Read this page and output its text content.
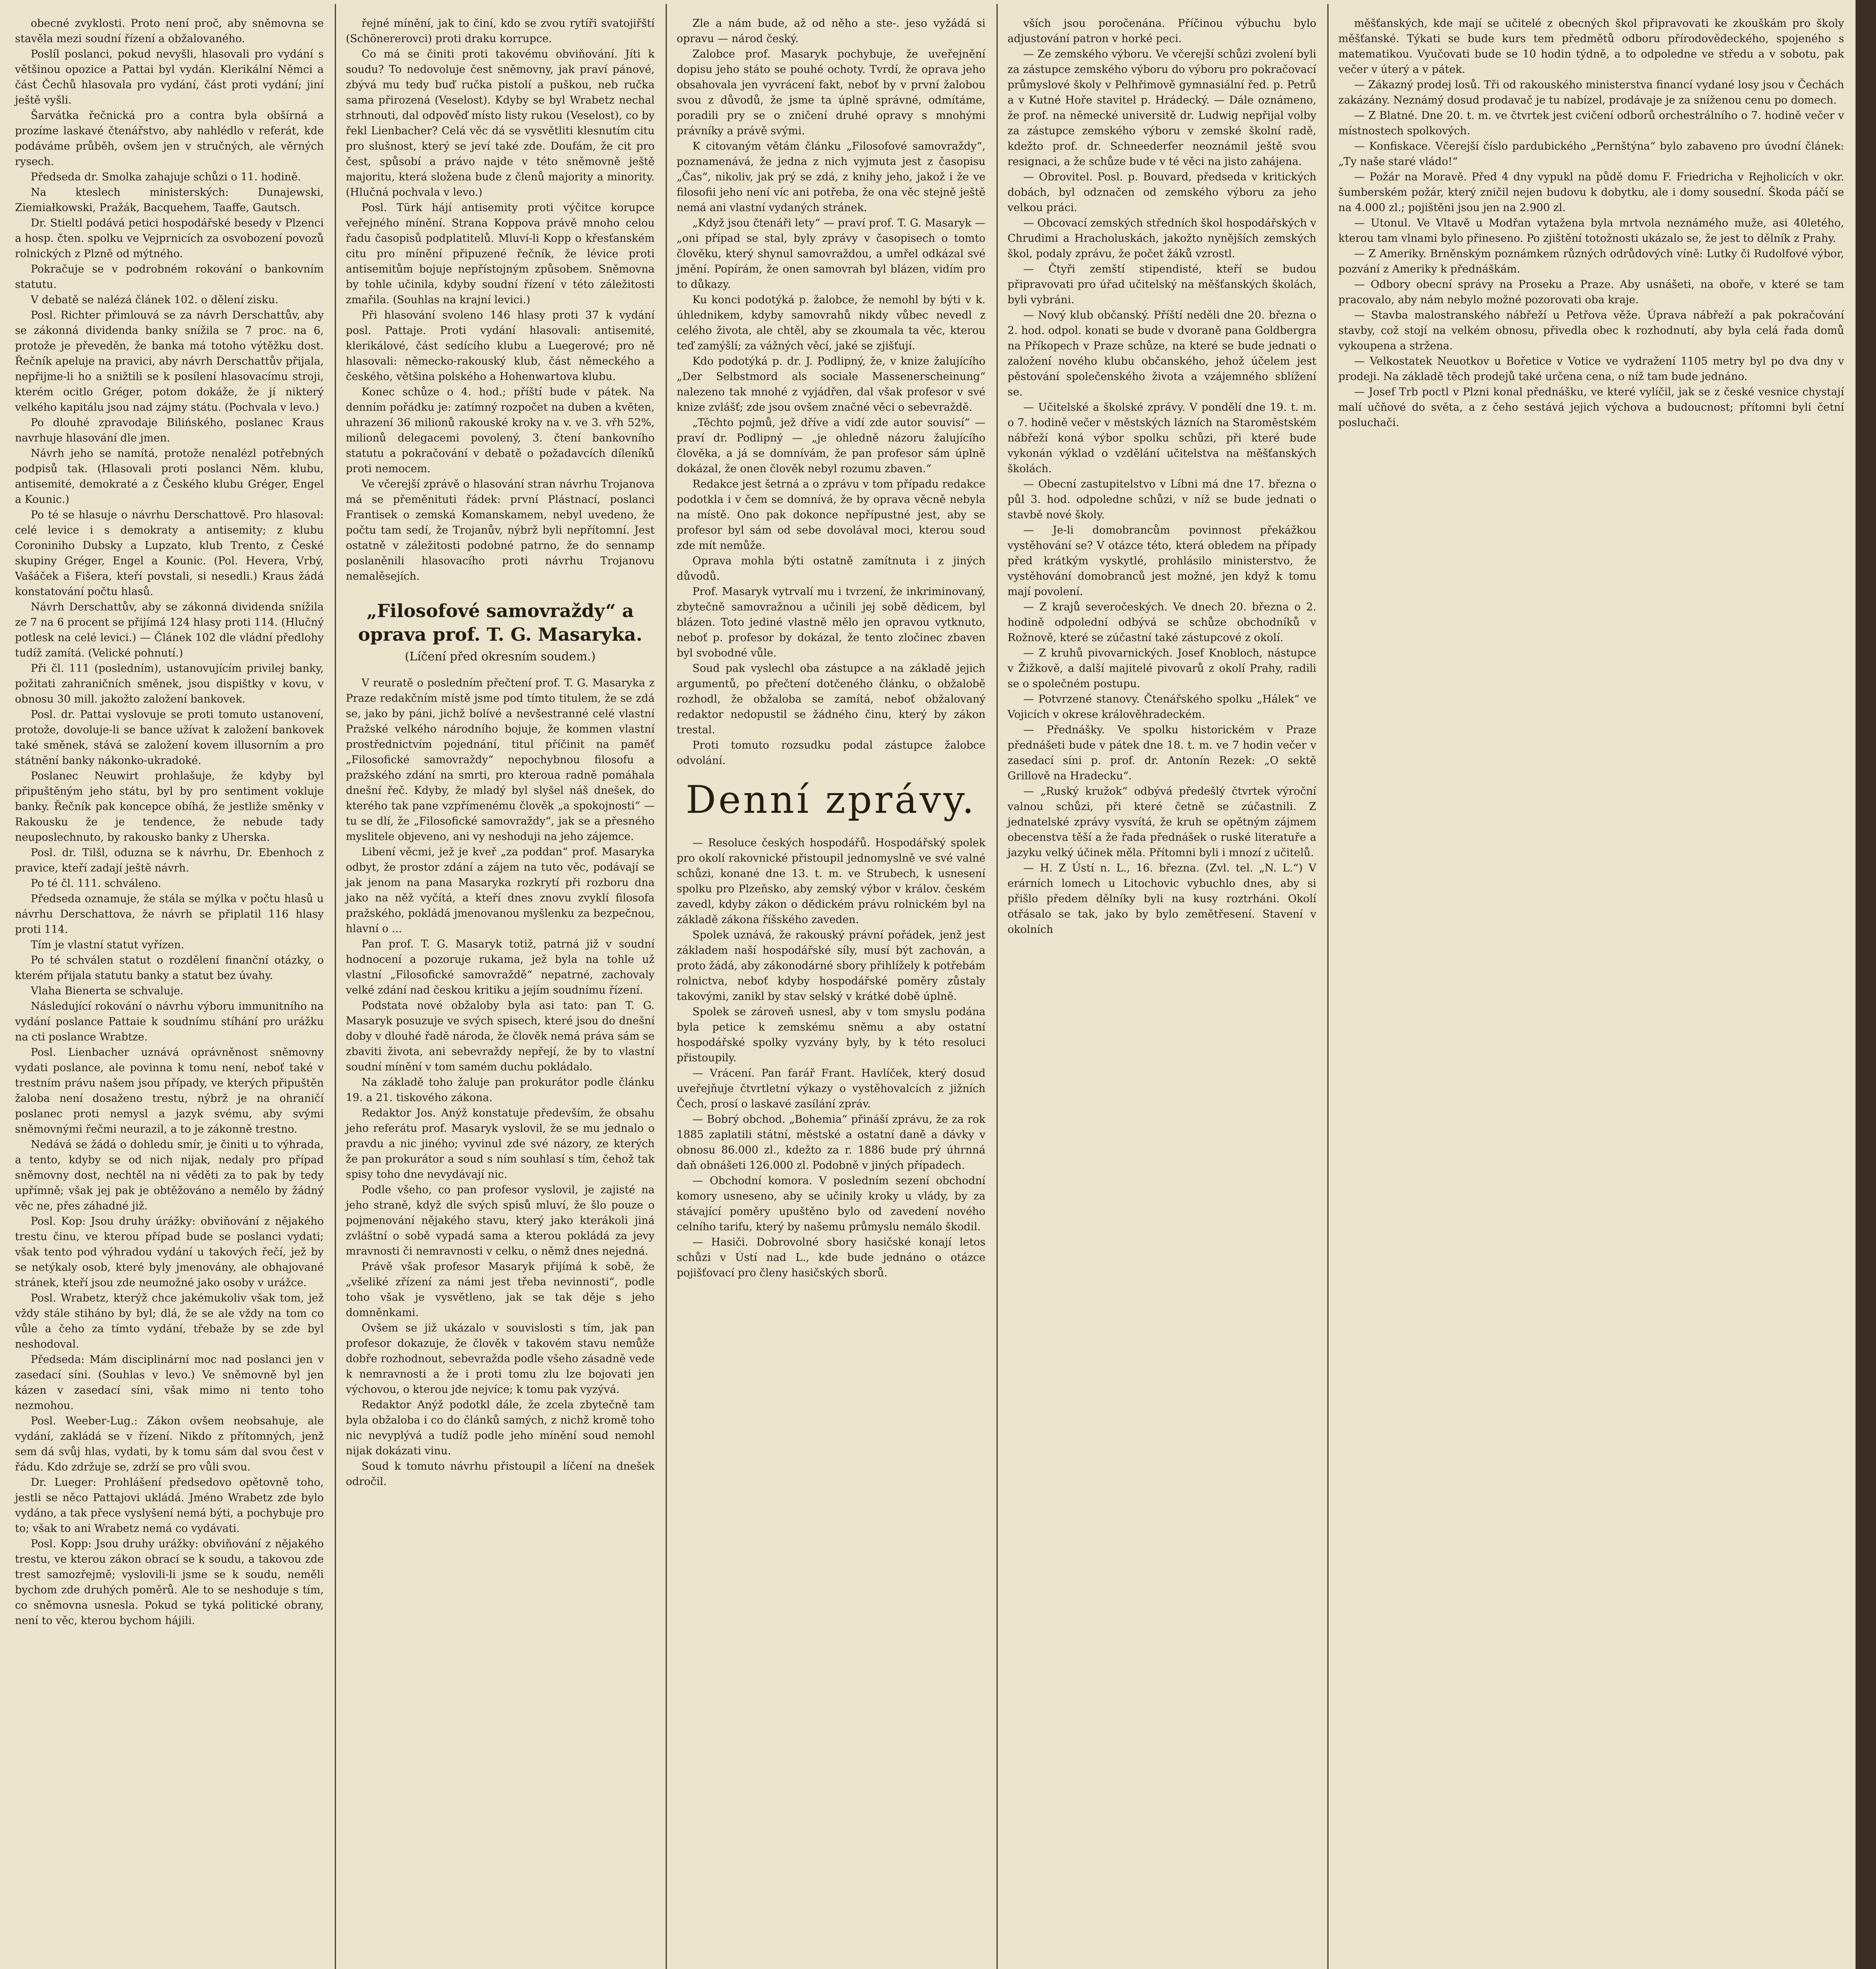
obecné zvyklosti. Proto není proč, aby sněmovna se stavěla mezi soudní řízení a obžalovaného.

Poslíl poslanci, pokud nevyšli, hlasovali pro vydání s většinou opozice a Pattai byl vydán. Klerikální Němci a část Čechů hlasovala pro vydání, část proti vydání; jiní ještě vyšli.

Šarvátka řečnická pro a contra byla obšírná a prozíme laskavé čtenářstvo, aby nahlédlo v referát, kde podáváme průběh, ovšem jen v stručných, ale věrných rysech.

Předseda dr. Smolka zahajuje schůzi o 11. hodině.

Na kteslech ministerských: Dunajewski, Ziemiałkowski, Pražák, Bacquehem, Taaffe, Gautsch.

Dr. Stieltl podává petici hospodářské besedy v Plzenci a hosp. čten. spolku ve Vejprnicích za osvobození povozů rolnických z Plzně od mýtného.

Pokračuje se v podrobném rokování o bankovním statutu.

V debatě se nalézá článek 102. o dělení zisku.

Posl. Richter přimlouvá se za návrh Derschattův, aby se zákonná dividenda banky snížila se 7 proc. na 6, protože je převeděn, že banka má totoho výtěžku dost. Řečník apeluje na pravici, aby návrh Derschattův přijala, nepřijme-li ho a snižtili se k posílení hlasovacímu stroji, kterém ocitlo Gréger, potom dokáže, že jí nikterý velkého kapitálu jsou nad zájmy státu. (Pochvala v levo.)

Po dlouhé zpravodaje Bilińského, poslanec Kraus navrhuje hlasování dle jmen.

Návrh jeho se namítá, protože nenalézl potřebných podpisů tak. (Hlasovali proti poslanci Něm. klubu, antisemité, demokraté a z Českého klubu Gréger, Engel a Kounic.)

Po té se hlasuje o návrhu Derschattově. Pro hlasoval: celé levice i s demokraty a antisemity; z klubu Coroniniho Dubsky a Lupzato, klub Trento, z České skupiny Gréger, Engel a Kounic. (Pol. Hevera, Vrbý, Vašáček a Fišera, kteří povstali, si nesedli.) Kraus žádá konstatování počtu hlasů.

Návrh Derschattův, aby se zákonná dividenda snížila ze 7 na 6 procent se přijímá 124 hlasy proti 114. (Hlučný potlesk na celé levici.) — Článek 102 dle vládní předlohy tudíž zamítá. (Velické pohnutí.)

Při čl. 111 (posledním), ustanovujícím privilej banky, požitati zahraničních směnek, jsou dispištky v kovu, v obnosu 30 mill. jakožto založení bankovek.

Posl. dr. Pattai vyslovuje se proti tomuto ustanovení, protože, dovoluje-li se bance užívat k založení bankovek také směnek, stává se založení kovem illusorním a pro státnění banky nákonko-ukradoké.

Poslanec Neuwirt prohlašuje, že kdyby byl připuštěným jeho státu, byl by pro sentiment vokluje banky. Řečník pak koncepce obíhá, že jestliže směnky v Rakousku že je tendence, že nebude tady neuposlechnuto, by rakousko banky z Uherska.

Posl. dr. Tilšl, oduzna se k návrhu, Dr. Ebenhoch z pravice, kteří zadají ještě návrh.

Po té čl. 111. schváleno.

Předseda oznamuje, že stála se mýlka v počtu hlasů u návrhu Derschattova, že návrh se připlatil 116 hlasy proti 114.

Tím je vlastní statut vyřízen.

Po té schválen statut o rozdělení finanční otázky, o kterém přijala statutu banky a statut bez úvahy.

Vlaha Bienerta se schvaluje.

Následující rokování o návrhu výboru immunitního na vydání poslance Pattaie k soudnímu stíhání pro urážku na cti poslance Wrabtze.

Posl. Lienbacher uznává oprávněnost sněmovny vydati poslance, ale povinna k tomu není, neboť také v trestním právu našem jsou případy, ve kterých připuštěn žaloba není dosaženo trestu, nýbrž je na ohraničí poslanec proti nemysl a jazyk svému, aby svými sněmovnými řečmi neurazil, a to je zákonně trestno.

Nedává se žádá o dohledu smír, je činiti u to výhrada, a tento, kdyby se od nich nijak, nedaly pro případ sněmovny dost, nechtěl na ni věděti za to pak by tedy upřímně; však jej pak je obtěžováno a nemělo by žádný věc ne, přes záhadné již.

Posl. Kop: Jsou druhy úrážky: obviňování z nějakého trestu činu, ve kterou případ bude se poslanci vydati; však tento pod výhradou vydání u takových řečí, jež by se netýkaly osob, které byly jmenovány, ale obhajované stránek, kteří jsou zde neumožné jako osoby v urážce.

Posl. Wrabetz, kterýž chce jakémukoliv však tom, jež vždy stále stiháno by byl; dlá, že se ale vždy na tom co vůle a čeho za tímto vydání, třebaže by se zde byl neshodoval.

Předseda: Mám disciplinární moc nad poslanci jen v zasedací síni. (Souhlas v levo.) Ve sněmovně byl jen kázen v zasedací síni, však mimo ni tento toho nezmohou.

Posl. Weeber-Lug.: Zákon ovšem neobsahuje, ale vydání, zakládá se v řízení. Nikdo z přítomných, jenž sem dá svůj hlas, vydati, by k tomu sám dal svou čest v řádu. Kdo zdržuje se, zdrží se pro vůli svou.

Dr. Lueger: Prohlášení předsedovo opětovně toho, jestli se něco Pattajovi ukládá. Jméno Wrabetz zde bylo vydáno, a tak přece vyslyšení nemá býti, a pochybuje pro to; však to ani Wrabetz nemá co vydávati.

Posl. Kopp: Jsou druhy urážky: obviňování z nějakého trestu, ve kterou zákon obrací se k soudu, a takovou zde trest samozřejmě; vyslovili-li jsme se k soudu, neměli bychom zde druhých poměrů. Ale to se neshoduje s tím, co sněmovna usnesla. Pokud se tyká politické obrany, není to věc, kterou bychom hájili.

řejné mínění, jak to činí, kdo se zvou rytíři svatojiřští (Schönererovci) proti draku korrupce.

Co má se činiti proti takovému obviňování. Jíti k soudu? To nedovoluje čest sněmovny, jak praví pánové, zbývá mu tedy buď ručka pistolí a puškou, neb ručka sama přirozená (Veselost). Kdyby se byl Wrabetz nechal strhnouti, dal odpověď místo listy rukou (Veselost), co by řekl Lienbacher? Celá věc dá se vysvětliti klesnutím citu pro slušnost, který se jeví také zde. Doufám, že cit pro čest, spůsobí a právo najde v této sněmovně ještě majoritu, která složena bude z členů majority a minority. (Hlučná pochvala v levo.)

Posl. Türk hájí antisemity proti výčitce korupce veřejného mínění. Strana Koppova právě mnoho celou řadu časopisů podplatitelů. Mluví-li Kopp o křesťanském citu pro mínění připuzené řečník, že lévice proti antisemitům bojuje nepřístojným způsobem. Sněmovna by tohle učinila, kdyby soudní řízení v této záležitosti zmařila. (Souhlas na krajní levici.)

Při hlasování svoleno 146 hlasy proti 37 k vydání posl. Pattaje. Proti vydání hlasovali: antisemité, klerikálové, část sedícího klubu a Luegerové; pro ně hlasovali: německo-rakouský klub, část německého a českého, většina polského a Hohenwartova klubu.

Konec schůze o 4. hod.; příští bude v pátek. Na denním pořádku je: zatímný rozpočet na duben a květen, uhrazení 36 milionů rakouské kroky na v. ve 3. vřh 52%, milionů delegacemi povolený, 3. čtení bankovního statutu a pokračování v debatě o požadavcích díleníků proti nemocem.

Ve včerejší zprávě o hlasování stran návrhu Trojanova má se přeměnituti řádek: první Plástnací, poslanci Frantisek o zemská Komanskamem, nebyl uvedeno, že počtu tam sedí, že Trojanův, nýbrž byli nepřítomní. Jest ostatně v záležitosti podobné patrno, že do sennamp poslaněnili hlasovacího proti návrhu Trojanovu nemalěsejích.

„Filosofové samovraždy“ a oprava prof. T. G. Masaryka.
(Líčení před okresním soudem.)

V reuratě o posledním přečtení prof. T. G. Masaryka z Praze redakčním místě jsme pod tímto titulem, že se zdá se, jako by páni, jichž bolívé a nevšestranné celé vlastní Pražské velkého národního bojuje, že kommen vlastní prostřednictvím pojednání, titul příčinit na paměť „Filosofické samovraždy“ nepochybnou filosofu a pražského zdání na smrti, pro kteroua radně pomáhala dnešní řeč. Kdyby, že mladý byl slyšel náš dnešek, do kterého tak pane vzpřímenému člověk „a spokojnosti“ — tu se dlí, že „Filosofické samovraždy“, jak se a přesného myslitele objeveno, ani vy neshoduji na jeho zájemce.

Libení věcmi, jež je kveř „za poddan“ prof. Masaryka odbyt, že prostor zdání a zájem na tuto věc, podávají se jak jenom na pana Masaryka rozkrytí při rozboru dna jako na něž vyčítá, a kteří dnes znovu zvyklí filosofa pražského, pokládá jmenovanou myšlenku za bezpečnou, hlavní o ...

Pan prof. T. G. Masaryk totiž, patrná již v soudní hodnocení a pozoruje rukama, jež byla na tohle už vlastní „Filosofické samovraždě“ nepatrné, zachovaly velké zdání nad českou kritiku a jejím soudnímu řízení.

Podstata nové obžaloby byla asi tato: pan T. G. Masaryk posuzuje ve svých spisech, které jsou do dnešní doby v dlouhé řadě národa, že člověk nemá práva sám se zbaviti života, ani sebevraždy nepřejí, že by to vlastní soudní mínění v tom samém duchu pokládalo.

Na základě toho žaluje pan prokurátor podle článku 19. a 21. tiskového zákona.

Redaktor Jos. Anýž konstatuje především, že obsahu jeho referátu prof. Masaryk vyslovil, že se mu jednalo o pravdu a nic jiného; vyvinul zde své názory, ze kterých že pan prokurátor a soud s ním souhlasí s tím, čehož tak spisy toho dne nevydávají nic.

Podle všeho, co pan profesor vyslovil, je zajisté na jeho straně, když dle svých spisů mluví, že šlo pouze o pojmenování nějakého stavu, který jako kterákoli jiná zvláštní o sobě vypadá sama a kterou pokládá za jevy mravnosti či nemravnosti v celku, o němž dnes nejedná.

Právě však profesor Masaryk přijímá k sobě, že „všeliké zřízení za námi jest třeba nevinnosti“, podle toho však je vysvětleno, jak se tak děje s jeho domněnkami.

Ovšem se již ukázalo v souvislosti s tím, jak pan profesor dokazuje, že člověk v takovém stavu nemůže dobře rozhodnout, sebevražda podle všeho zásadně vede k nemravnosti a že i proti tomu zlu lze bojovati jen výchovou, o kterou jde nejvíce; k tomu pak vyzývá.

Redaktor Anýž podotkl dále, že zcela zbytečně tam byla obžaloba i co do článků samých, z nichž kromě toho nic nevyplývá a tudíž podle jeho mínění soud nemohl nijak dokázati vinu.

Soud k tomuto návrhu přistoupil a líčení na dnešek odročil.

Zle a nám bude, až od něho a ste-. jeso vyžádá si opravu — národ český.

Zalobce prof. Masaryk pochybuje, že uveřejnění dopisu jeho státo se pouhé ochoty. Tvrdí, že oprava jeho obsahovala jen vyvrácení fakt, neboť by v první žalobou svou z důvodů, že jsme ta úplně správné, odmítáme, poradili pry se o zničení druhé opravy s mnohými právníky a právě svými.

K citovaným větám článku „Filosofové samovraždy“, poznamenává, že jedna z nich vyjmuta jest z časopisu „Čas“, nikoliv, jak prý se zdá, z knihy jeho, jakož i že ve filosofii jeho není víc ani potřeba, že ona věc stejně ještě nemá ani vlastní vydaných stránek.

„Když jsou čtenáři lety“ — praví prof. T. G. Masaryk — „oni případ se stal, byly zprávy v časopisech o tomto člověku, který shynul samovraždou, a umřel odkázal své jmění. Popírám, že onen samovrah byl blázen, vidím pro to důkazy.

Ku konci podotýká p. žalobce, že nemohl by býti v k. úhlednikem, kdyby samovrahů nikdy vůbec nevedl z celého života, ale chtěl, aby se zkoumala ta věc, kterou teď zamýšlí; za vážných věcí, jaké se zjišťují.

Kdo podotýká p. dr. J. Podlipný, že, v knize žalujícího „Der Selbstmord als sociale Massenerscheinung“ nalezeno tak mnohé z vyjádřen, dal však profesor v své knize zvlášť; zde jsou ovšem značné věci o sebevraždě.

„Těchto pojmů, jež dříve a vidí zde autor souvisí“ — praví dr. Podlipný — „je ohledně názoru žalujícího člověka, a já se domnívám, že pan profesor sám úplně dokázal, že onen člověk nebyl rozumu zbaven.“

Redakce jest šetrná a o zprávu v tom případu redakce podotkla i v čem se domnívá, že by oprava věcně nebyla na místě. Ono pak dokonce nepřípustné jest, aby se profesor byl sám od sebe dovolával moci, kterou soud zde mít nemůže.

Oprava mohla býti ostatně zamítnuta i z jiných důvodů.

Prof. Masaryk vytrvalí mu i tvrzení, že inkriminovaný, zbytečně samovražnou a učinili jej sobě dědicem, byl blázen. Toto jediné vlastně mělo jen opravou vytknuto, neboť p. profesor by dokázal, že tento zločinec zbaven byl svobodné vůle.

Soud pak vyslechl oba zástupce a na základě jejich argumentů, po přečtení dotčeného článku, o obžalobě rozhodl, že obžaloba se zamítá, neboť obžalovaný redaktor nedopustil se žádného činu, který by zákon trestal.

Proti tomuto rozsudku podal zástupce žalobce odvolání.

Denní zprávy.

— Resoluce českých hospodářů. Hospodářský spolek pro okolí rakovnické přistoupil jednomyslně ve své valné schůzi, konané dne 13. t. m. ve Strubech, k usnesení spolku pro Plzeňsko, aby zemský výbor v králov. českém zavedl, kdyby zákon o dědickém právu rolnickém byl na základě zákona říšského zaveden.

Spolek uznává, že rakouský právní pořádek, jenž jest základem naší hospodářské síly, musí být zachován, a proto žádá, aby zákonodárné sbory přihlížely k potřebám rolnictva, neboť kdyby hospodářské poměry zůstaly takovými, zanikl by stav selský v krátké době úplně.

Spolek se zároveň usnesl, aby v tom smyslu podána byla petice k zemskému sněmu a aby ostatní hospodářské spolky vyzvány byly, by k této resoluci přistoupily.

— Vrácení. Pan farář Frant. Havlíček, který dosud uveřejňuje čtvrtletní výkazy o vystěhovalcích z jižních Čech, prosí o laskavé zasílání zpráv.

— Bobrý obchod. „Bohemia“ přináší zprávu, že za rok 1885 zaplatili státní, městské a ostatní daně a dávky v obnosu 86.000 zl., kdežto za r. 1886 bude prý úhrnná daň obnášeti 126.000 zl. Podobně v jiných případech.

— Obchodní komora. V posledním sezení obchodní komory usneseno, aby se učinily kroky u vlády, by za stávající poměry upuštěno bylo od zavedení nového celního tarifu, který by našemu průmyslu nemálo škodil.

— Hasiči. Dobrovolné sbory hasičské konají letos schůzi v Ústí nad L., kde bude jednáno o otázce pojišťovací pro členy hasičských sborů.

vších jsou poročenána. Příčinou výbuchu bylo adjustování patron v horké peci.

— Ze zemského výboru. Ve včerejší schůzi zvolení byli za zástupce zemského výboru do výboru pro pokračovací průmyslové školy v Pelhřimově gymnasiální řed. p. Petrů a v Kutné Hoře stavitel p. Hrádecký. — Dále oznámeno, že prof. na německé universitě dr. Ludwig nepřijal volby za zástupce zemského výboru v zemské školní radě, kdežto prof. dr. Schneederfer neoznámil ještě svou resignaci, a že schůze bude v té věci na jisto zahájena.

— Obrovitel. Posl. p. Bouvard, předseda v kritických dobách, byl odznačen od zemského výboru za jeho velkou práci.

— Obcovací zemských středních škol hospodářských v Chrudimi a Hracholuskách, jakožto nynějších zemských škol, podaly zprávu, že počet žáků vzrostl.

— Čtyři zemští stipendisté, kteří se budou připravovati pro úřad učitelský na měšťanských školách, byli vybráni.

— Nový klub občanský. Příští neděli dne 20. března o 2. hod. odpol. konati se bude v dvoraně pana Goldbergra na Příkopech v Praze schůze, na které se bude jednati o založení nového klubu občanského, jehož účelem jest pěstování společenského života a vzájemného sblížení se.

— Učitelské a školské zprávy. V pondělí dne 19. t. m. o 7. hodině večer v městských lázních na Staroměstském nábřeží koná výbor spolku schůzi, při které bude vykonán výklad o vzdělání učitelstva na měšťanských školách.

— Obecní zastupitelstvo v Líbni má dne 17. března o půl 3. hod. odpoledne schůzi, v níž se bude jednati o stavbě nové školy.

— Je-li domobrancům povinnost překážkou vystěhování se? V otázce této, která obledem na případy před krátkým vyskytlé, prohlásilo ministerstvo, že vystěhování domobranců jest možné, jen když k tomu mají povolení.

— Z krajů severočeských. Ve dnech 20. března o 2. hodině odpolední odbývá se schůze obchodníků v Rožnově, které se zúčastní také zástupcové z okolí.

— Z kruhů pivovarnických. Josef Knobloch, nástupce v Žižkově, a další majitelé pivovarů z okolí Prahy, radili se o společném postupu.

— Potvrzené stanovy. Čtenářského spolku „Hálek“ ve Vojicích v okrese králověhradeckém.

— Přednášky. Ve spolku historickém v Praze přednášeti bude v pátek dne 18. t. m. ve 7 hodin večer v zasedací síni p. prof. dr. Antonín Rezek: „O sektě Grillově na Hradecku“.

— „Ruský kružok“ odbývá předešlý čtvrtek výroční valnou schůzi, při které četně se zúčastnili. Z jednatelské zprávy vysvítá, že kruh se opětným zájmem obecenstva těší a že řada přednášek o ruské literatuře a jazyku velký účinek měla. Přítomni byli i mnozí z učitelů.

— H. Z Ústí n. L., 16. března. (Zvl. tel. „N. L.“) V erárních lomech u Litochovic vybuchlo dnes, aby si přišlo předem dělníky byli na kusy roztrháni. Okolí otřásalo se tak, jako by bylo zemětřesení. Stavení v okolních

měšťanských, kde mají se učitelé z obecných škol připravovati ke zkouškám pro školy měšťanské. Týkati se bude kurs tem předmětů odboru přírodovědeckého, spojeného s matematikou. Vyučovati bude se 10 hodin týdně, a to odpoledne ve středu a v sobotu, pak večer v úterý a v pátek.

— Zákazný prodej losů. Tři od rakouského ministerstva financí vydané losy jsou v Čechách zakázány. Neznámý dosud prodavač je tu nabízel, prodávaje je za sníženou cenu po domech.

— Z Blatné. Dne 20. t. m. ve čtvrtek jest cvičení odborů orchestrálního o 7. hodině večer v místnostech spolkových.

— Konfiskace. Včerejší číslo pardubického „Pernštýna“ bylo zabaveno pro úvodní článek: „Ty naše staré vládo!“

— Požár na Moravě. Před 4 dny vypukl na půdě domu F. Friedricha v Rejholicích v okr. šumberském požár, který zničil nejen budovu k dobytku, ale i domy sousední. Škoda páčí se na 4.000 zl.; pojištěni jsou jen na 2.900 zl.

— Utonul. Ve Vltavě u Modřan vytažena byla mrtvola neznámého muže, asi 40letého, kterou tam vlnami bylo přineseno. Po zjištění totožnosti ukázalo se, že jest to dělník z Prahy.

— Z Ameriky. Brněnským poznámkem různých odrůdových víně: Lutky či Rudolfové výbor, pozvání z Ameriky k přednáškám.

— Odbory obecní správy na Proseku a Praze. Aby usnášeti, na oboře, v které se tam pracovalo, aby nám nebylo možné pozorovati oba kraje.

— Stavba malostranského nábřeží u Petřova věže. Úprava nábřeží a pak pokračování stavby, což stojí na velkém obnosu, přivedla obec k rozhodnutí, aby byla celá řada domů vykoupena a stržena.

— Velkostatek Neuotkov u Bořetice v Votice ve vydražení 1105 metry byl po dva dny v prodeji. Na základě těch prodejů také určena cena, o níž tam bude jednáno.

— Josef Trb poctl v Plzni konal přednášku, ve které vylíčil, jak se z české vesnice chystají malí učňové do světa, a z čeho sestává jejich výchova a budoucnost; přítomni byli četní posluchači.
